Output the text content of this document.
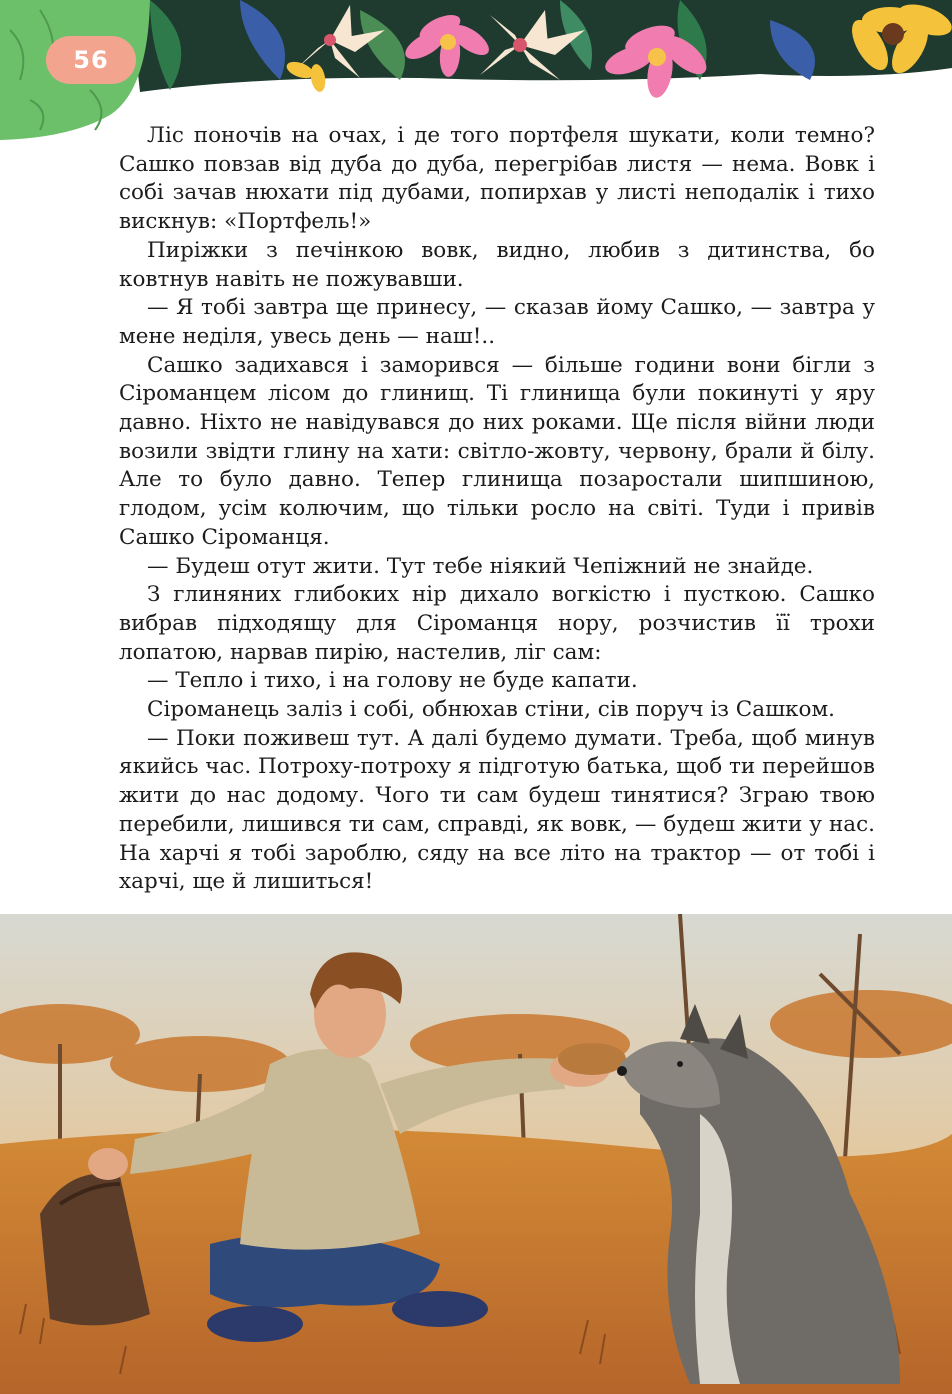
56

Ліс поночів на очах, і де того портфеля шукати, коли темно? Сашко повзав від дуба до дуба, перегрібав листя — нема. Вовк і собі зачав нюхати під дубами, попирхав у листі неподалік і тихо вискнув: «Портфель!»

Пиріжки з печінкою вовк, видно, любив з дитинства, бо ковтнув навіть не пожувавши.

— Я тобі завтра ще принесу, — сказав йому Сашко, — завтра у мене неділя, увесь день — наш!..

Сашко задихався і заморився — більше години вони бігли з Сіроманцем лісом до глинищ. Ті глинища були покинуті у яру давно. Ніхто не навідувався до них роками. Ще після війни люди возили звідти глину на хати: світло-жовту, червону, брали й білу. Але то було давно. Тепер глинища позаростали шипшиною, глодом, усім колючим, що тільки росло на світі. Туди і привів Сашко Сіроманця.

— Будеш отут жити. Тут тебе ніякий Чепіжний не знайде.

З глиняних глибоких нір дихало вогкістю і пусткою. Сашко вибрав підходящу для Сіроманця нору, розчистив її трохи лопатою, нарвав пирію, настелив, ліг сам:

— Тепло і тихо, і на голову не буде капати.

Сіроманець заліз і собі, обнюхав стіни, сів поруч із Сашком.

— Поки поживеш тут. А далі будемо думати. Треба, щоб минув якийсь час. Потроху-потроху я підготую батька, щоб ти перейшов жити до нас додому. Чого ти сам будеш тинятися? Зграю твою перебили, лишився ти сам, справді, як вовк, — будеш жити у нас. На харчі я тобі зароблю, сяду на все літо на трактор — от тобі і харчі, ще й лишиться!
